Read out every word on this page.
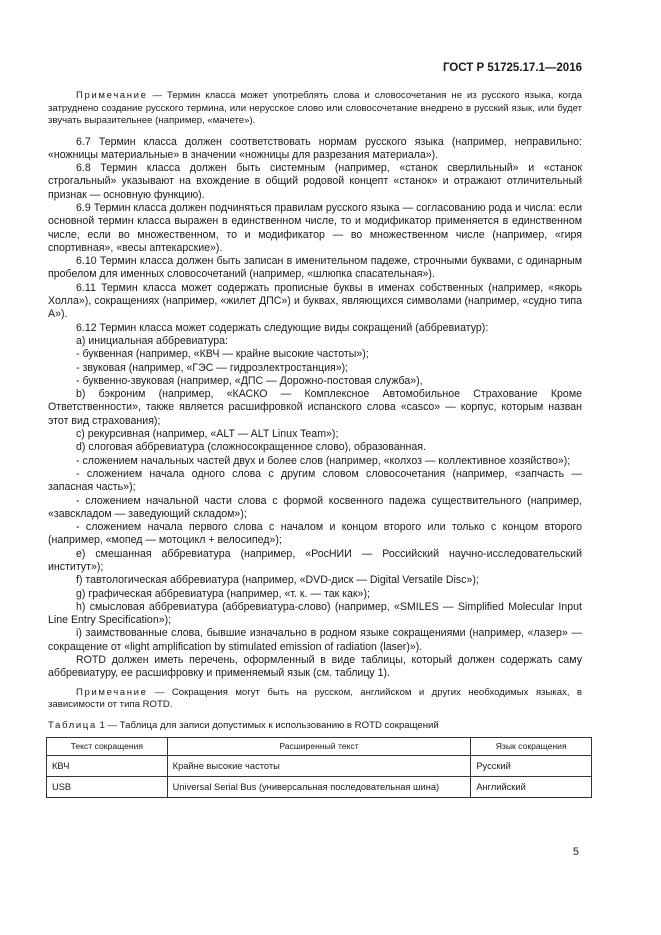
ГОСТ Р 51725.17.1—2016

Примечание — Термин класса может употреблять слова и словосочетания не из русского языка, когда затруднено создание русского термина, или нерусское слово или словосочетание внедрено в русский язык, или будет звучать выразительнее (например, «мачете»).

6.7 Термин класса должен соответствовать нормам русского языка (например, неправильно: «ножницы материальные» в значении «ножницы для разрезания материала»).

6.8 Термин класса должен быть системным (например, «станок сверлильный» и «станок строгальный» указывают на вхождение в общий родовой концепт «станок» и отражают отличительный признак — основную функцию).

6.9 Термин класса должен подчиняться правилам русского языка — согласованию рода и числа: если основной термин класса выражен в единственном числе, то и модификатор применяется в единственном числе, если во множественном, то и модификатор — во множественном числе (например, «гиря спортивная», «весы аптекарские»).

6.10 Термин класса должен быть записан в именительном падеже, строчными буквами, с одинарным пробелом для именных словосочетаний (например, «шлюпка спасательная»).

6.11 Термин класса может содержать прописные буквы в именах собственных (например, «якорь Холла»), сокращениях (например, «жилет ДПС») и буквах, являющихся символами (например, «судно типа А»).

6.12 Термин класса может содержать следующие виды сокращений (аббревиатур):

a) инициальная аббревиатура:

- буквенная (например, «КВЧ — крайне высокие частоты»);

- звуковая (например, «ГЭС — гидроэлектростанция»);

- буквенно-звуковая (например, «ДПС — Дорожно-постовая служба»),

b) бэкроним (например, «КАСКО — Комплексное Автомобильное Страхование Кроме Ответственности», также является расшифровкой испанского слова «casco» — корпус, которым назван этот вид страхования);

c) рекурсивная (например, «ALT — ALT Linux Team»);

d) слоговая аббревиатура (сложносокращенное слово), образованная.

- сложением начальных частей двух и более слов (например, «колхоз — коллективное хозяйство»);

- сложением начала одного слова с другим словом словосочетания (например, «запчасть — запасная часть»);

- сложением начальной части слова с формой косвенного падежа существительного (например, «завскладом — заведующий складом»);

- сложением начала первого слова с началом и концом второго или только с концом второго (например, «мопед — мотоцикл + велосипед»);

e) смешанная аббревиатура (например, «РосНИИ — Российский научно-исследовательский институт»);

f) тавтологическая аббревиатура (например, «DVD-диск — Digital Versatile Disc»);

g) графическая аббревиатура (например, «т. к. — так как»);

h) смысловая аббревиатура (аббревиатура-слово) (например, «SMILES — Simplified Molecular Input Line Entry Specification»);

i) заимствованные слова, бывшие изначально в родном языке сокращениями (например, «лазер» — сокращение от «light amplification by stimulated emission of radiation (laser)»).

ROTD должен иметь перечень, оформленный в виде таблицы, который должен содержать саму аббревиатуру, ее расшифровку и применяемый язык (см. таблицу 1).

Примечание — Сокращения могут быть на русском, английском и других необходимых языках, в зависимости от типа ROTD.

Таблица 1 — Таблица для записи допустимых к использованию в ROTD сокращений

Текст сокращения	Расширенный текст	Язык сокращения
КВЧ	Крайне высокие частоты	Русский
USB	Universal Serial Bus (универсальная последовательная шина)	Английский
5
